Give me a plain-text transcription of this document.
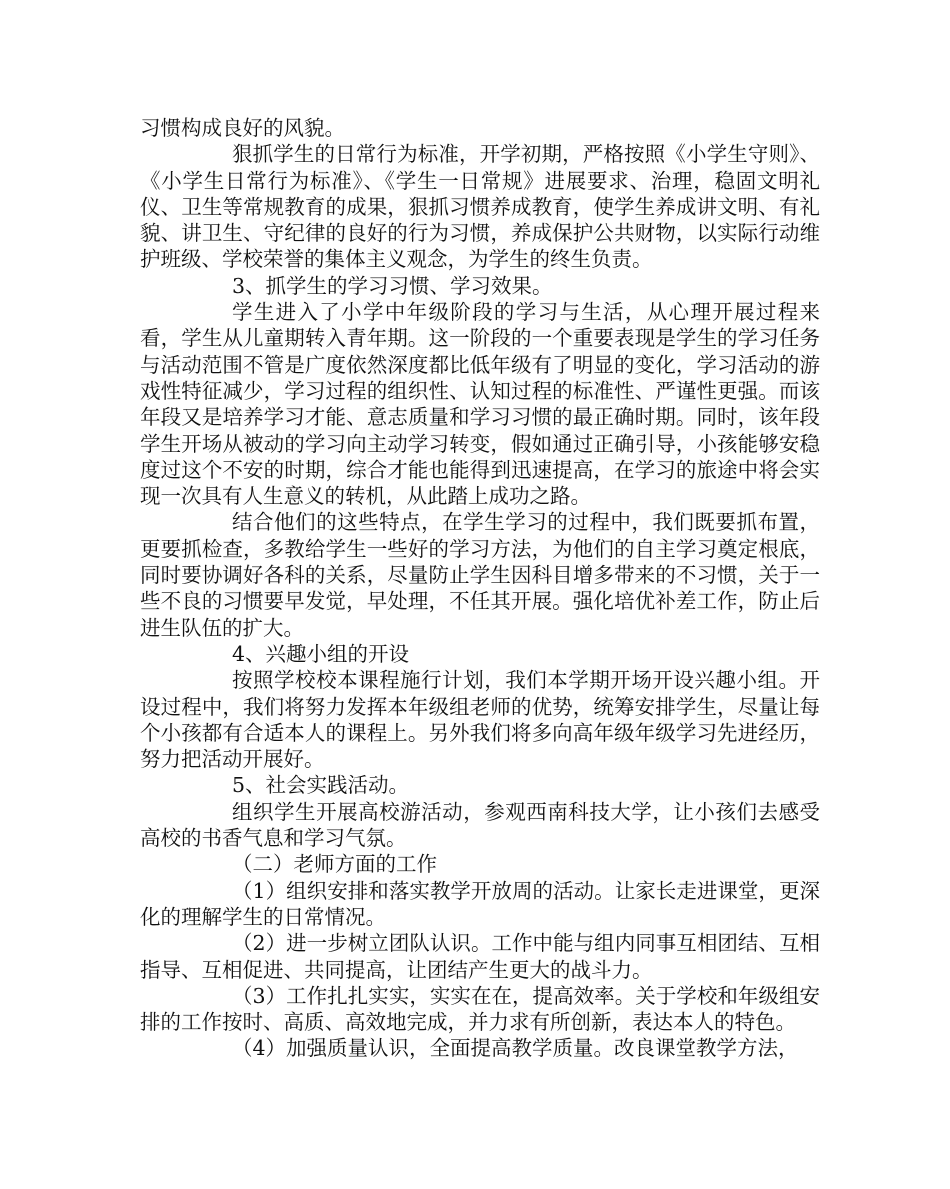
习惯构成良好的风貌。

狠抓学生的日常行为标准，开学初期，严格按照《小学生守则》、《小学生日常行为标准》、《学生一日常规》进展要求、治理，稳固文明礼仪、卫生等常规教育的成果，狠抓习惯养成教育，使学生养成讲文明、有礼貌、讲卫生、守纪律的良好的行为习惯，养成保护公共财物，以实际行动维护班级、学校荣誉的集体主义观念，为学生的终生负责。

3、抓学生的学习习惯、学习效果。

学生进入了小学中年级阶段的学习与生活，从心理开展过程来看，学生从儿童期转入青年期。这一阶段的一个重要表现是学生的学习任务与活动范围不管是广度依然深度都比低年级有了明显的变化，学习活动的游戏性特征减少，学习过程的组织性、认知过程的标准性、严谨性更强。而该年段又是培养学习才能、意志质量和学习习惯的最正确时期。同时，该年段学生开场从被动的学习向主动学习转变，假如通过正确引导，小孩能够安稳度过这个不安的时期，综合才能也能得到迅速提高，在学习的旅途中将会实现一次具有人生意义的转机，从此踏上成功之路。

结合他们的这些特点，在学生学习的过程中，我们既要抓布置，更要抓检查，多教给学生一些好的学习方法，为他们的自主学习奠定根底，同时要协调好各科的关系，尽量防止学生因科目增多带来的不习惯，关于一些不良的习惯要早发觉，早处理，不任其开展。强化培优补差工作，防止后进生队伍的扩大。

4、兴趣小组的开设

按照学校校本课程施行计划，我们本学期开场开设兴趣小组。开设过程中，我们将努力发挥本年级组老师的优势，统筹安排学生，尽量让每个小孩都有合适本人的课程上。另外我们将多向高年级年级学习先进经历，努力把活动开展好。

5、社会实践活动。

组织学生开展高校游活动，参观西南科技大学，让小孩们去感受高校的书香气息和学习气氛。

（二）老师方面的工作

（1）组织安排和落实教学开放周的活动。让家长走进课堂，更深化的理解学生的日常情况。

（2）进一步树立团队认识。工作中能与组内同事互相团结、互相指导、互相促进、共同提高，让团结产生更大的战斗力。

（3）工作扎扎实实，实实在在，提高效率。关于学校和年级组安排的工作按时、高质、高效地完成，并力求有所创新，表达本人的特色。

（4）加强质量认识，全面提高教学质量。改良课堂教学方法，
